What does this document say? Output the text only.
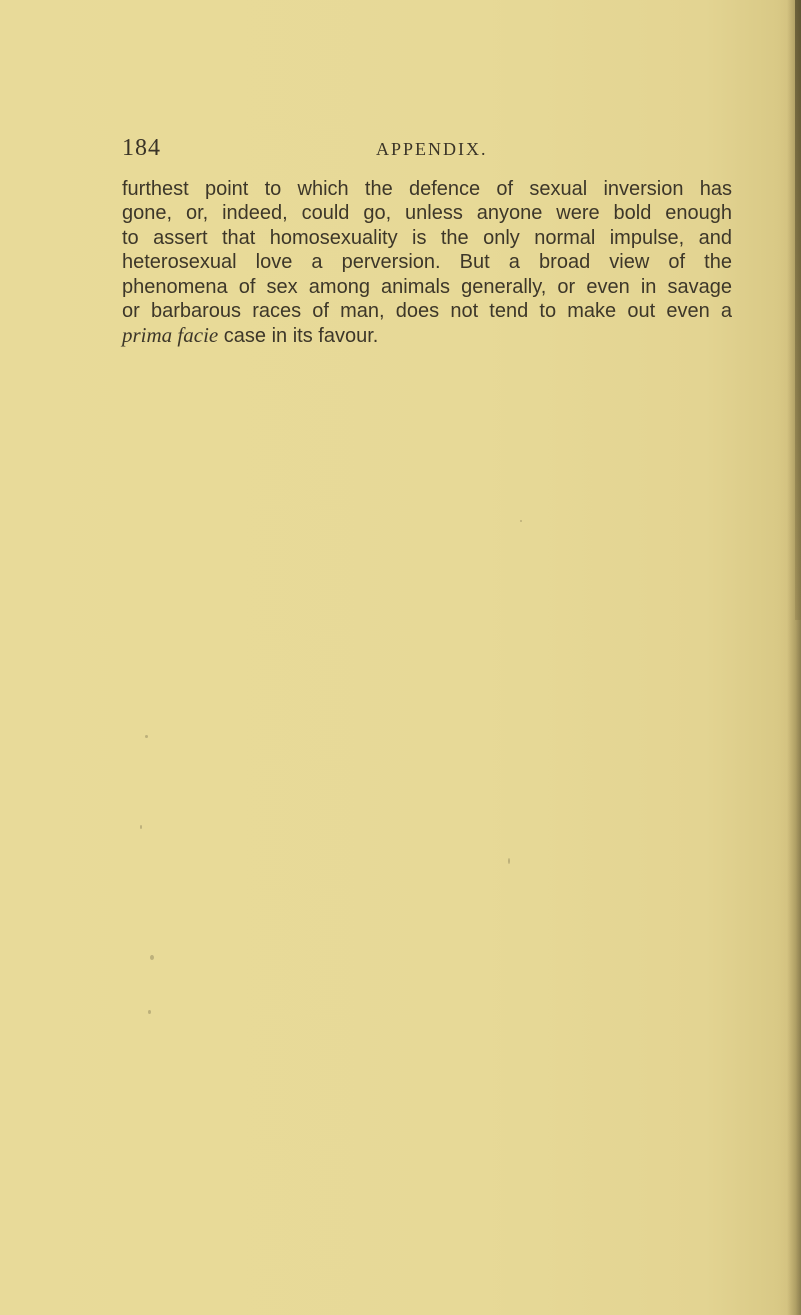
184	APPENDIX.
furthest point to which the defence of sexual inversion has
gone, or, indeed, could go, unless anyone were bold enough
to assert that homosexuality is the only normal impulse, and
heterosexual love a perversion. But a broad view of the
phenomena of sex among animals generally, or even in savage
or barbarous races of man, does not tend to make out even a
prima facie case in its favour.
